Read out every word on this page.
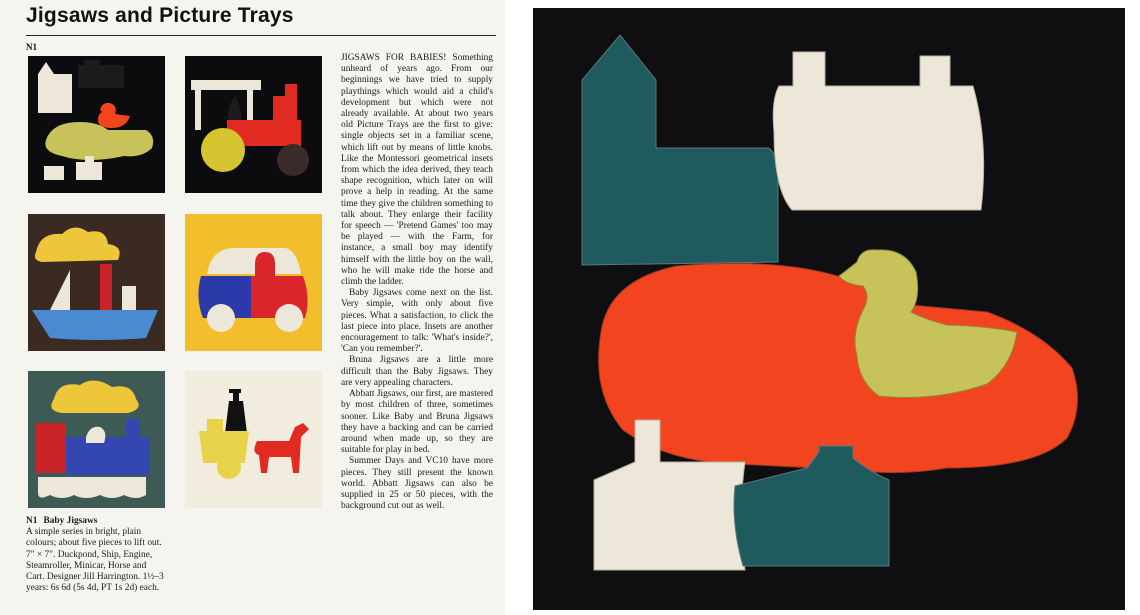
Jigsaws and Picture Trays
N1

JIGSAWS FOR BABIES! Something unheard of years ago. From our beginnings we have tried to supply playthings which would aid a child's development but which were not already available. At about two years old Picture Trays are the first to give: single objects set in a familiar scene, which lift out by means of little knobs. Like the Montessori geometrical insets from which the idea derived, they teach shape recognition, which later on will prove a help in reading. At the same time they give the children something to talk about. They enlarge their facility for speech — 'Pretend Games' too may be played — with the Farm, for instance, a small boy may identify himself with the little boy on the wall, who he will make ride the horse and climb the ladder.

Baby Jigsaws come next on the list. Very simple, with only about five pieces. What a satisfaction, to click the last piece into place. Insets are another encouragement to talk: 'What's inside?', 'Can you remember?'.

Bruna Jigsaws are a little more difficult than the Baby Jigsaws. They are very appealing characters.

Abbatt Jigsaws, our first, are mastered by most children of three, sometimes sooner. Like Baby and Bruna Jigsaws they have a backing and can be carried around when made up, so they are suitable for play in bed.

Summer Days and VC10 have more pieces. They still present the known world. Abbatt Jigsaws can also be supplied in 25 or 50 pieces, with the background cut out as well.

N1 Baby Jigsaws
A simple series in bright, plain colours; about five pieces to lift out. 7" × 7". Duckpond, Ship, Engine, Steamroller, Minicar, Horse and Cart. Designer Jill Harrington. 1½–3 years: 6s 6d (5s 4d, PT 1s 2d) each.
